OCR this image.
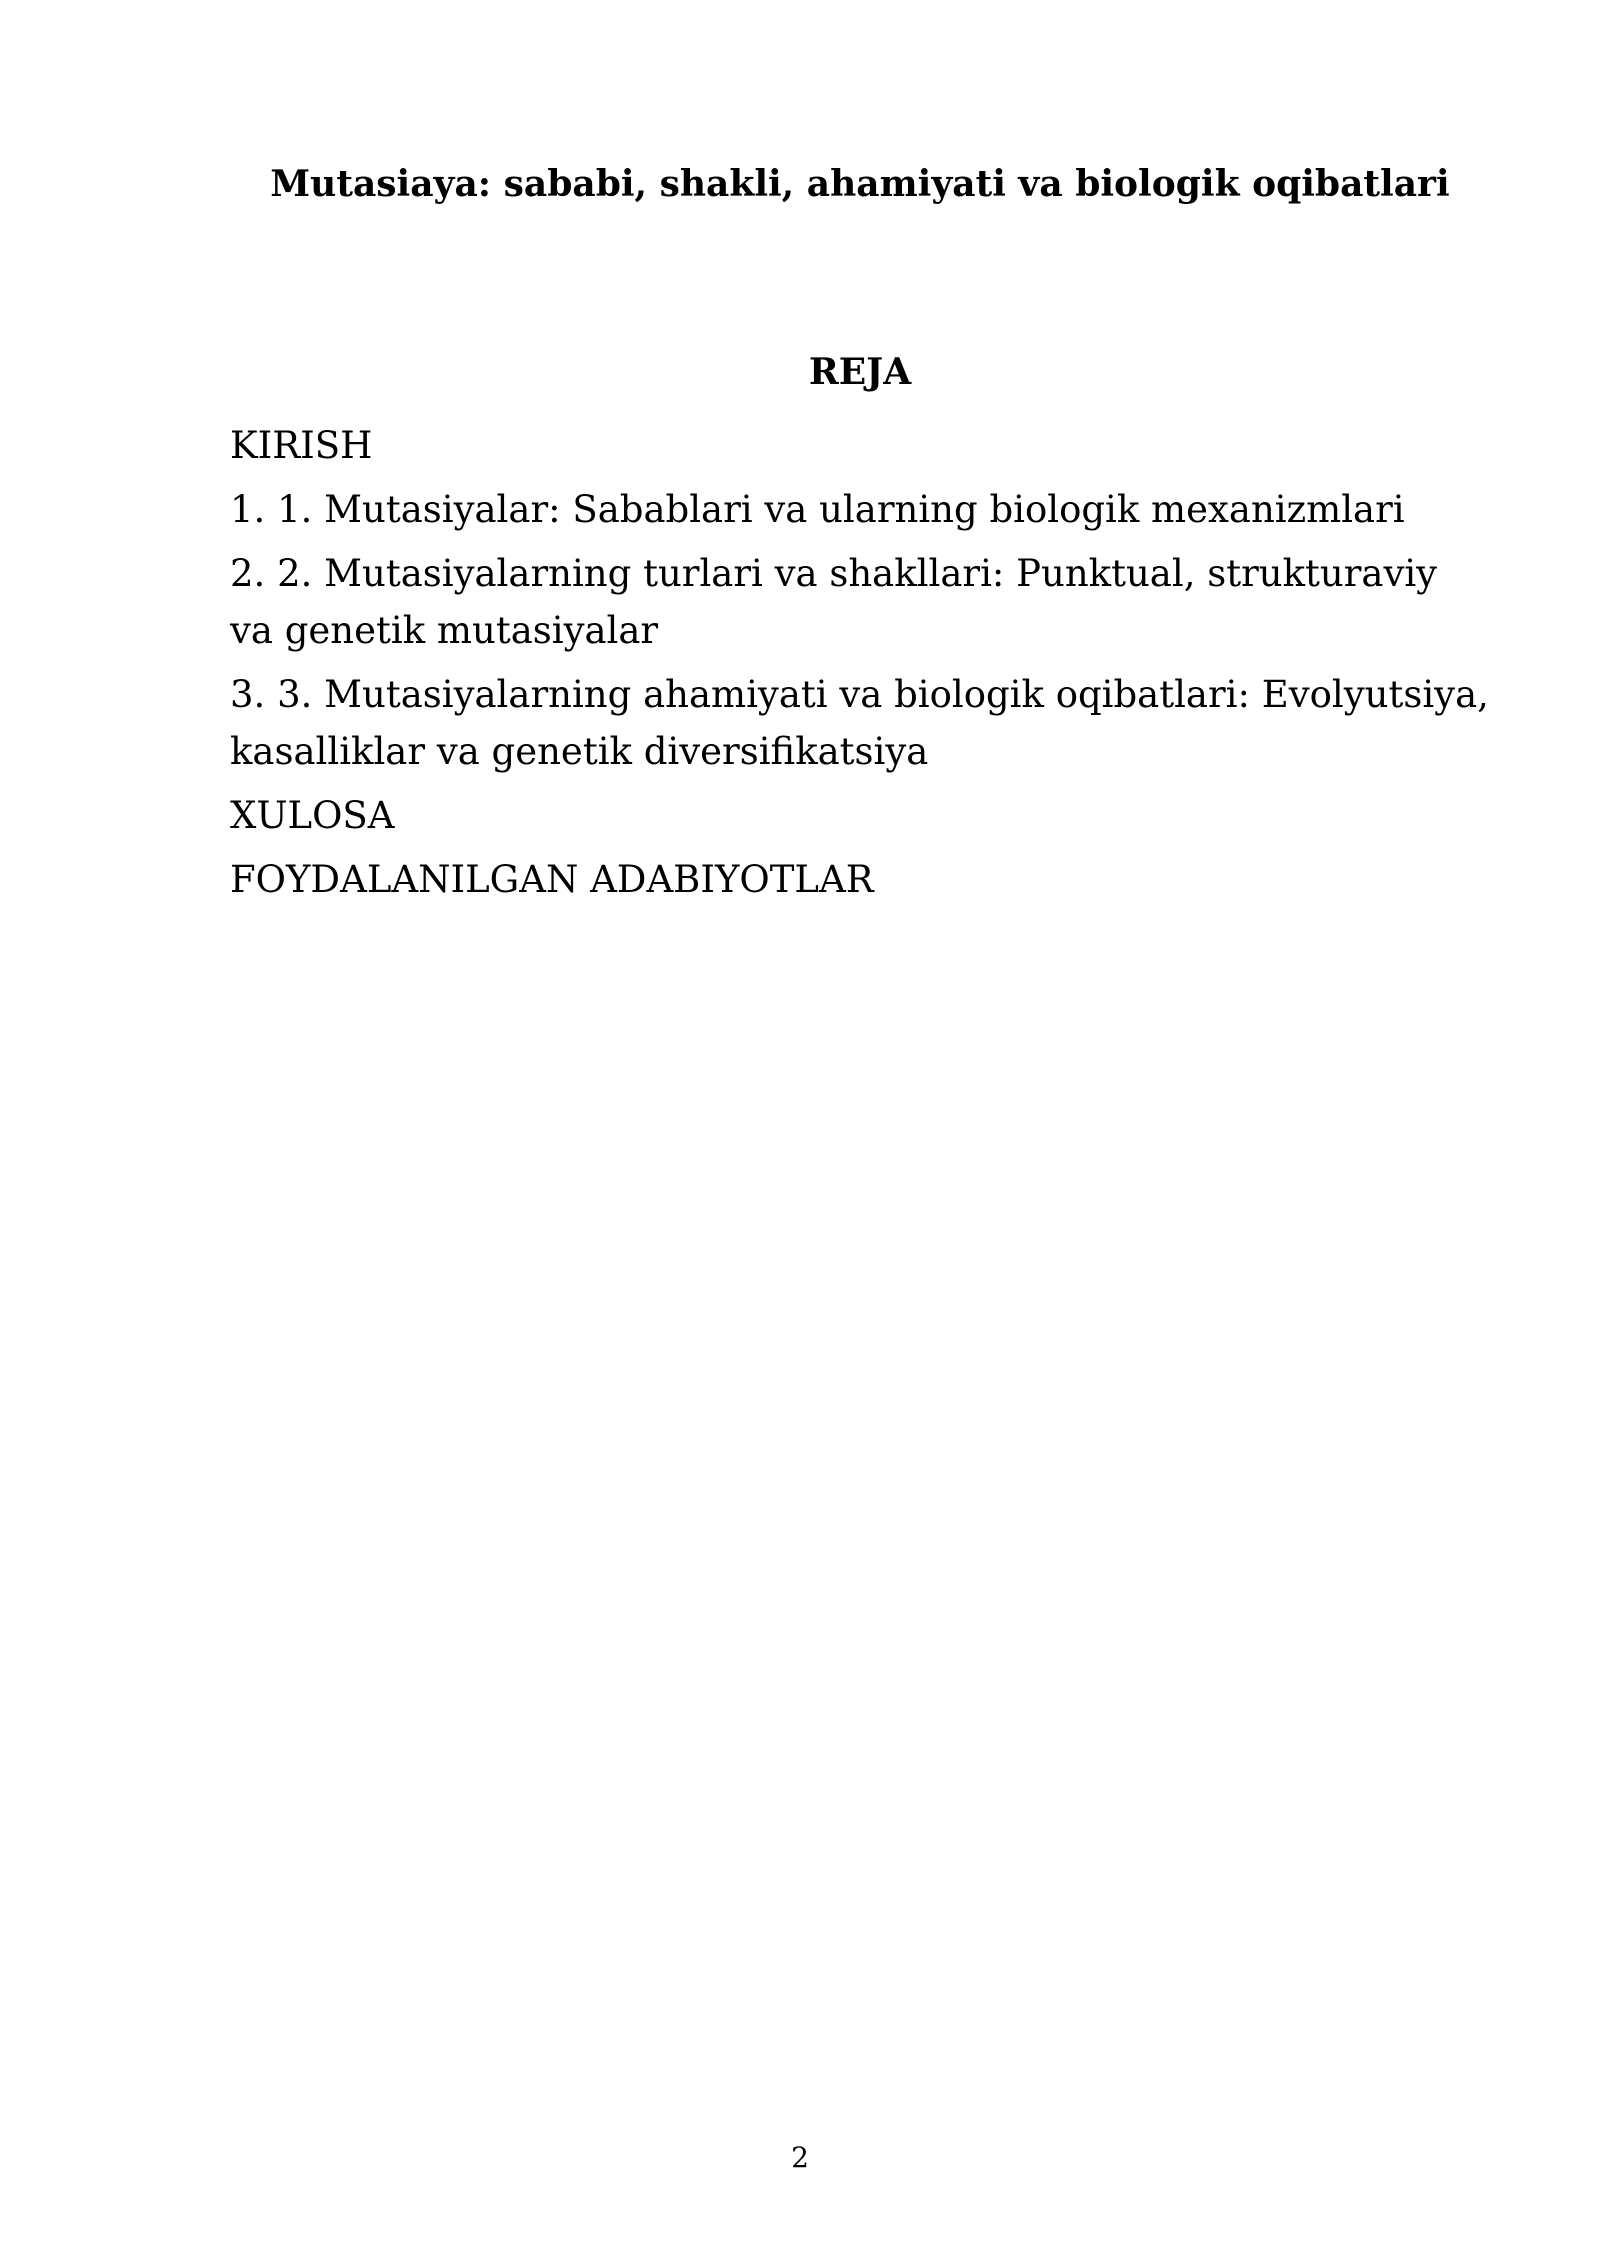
Mutasiaya: sababi, shakli, ahamiyati va biologik oqibatlari
REJA
KIRISH
1. 1. Mutasiyalar: Sabablari va ularning biologik mexanizmlari
2. 2. Mutasiyalarning turlari va shakllari: Punktual, strukturaviy va genetik mutasiyalar
3. 3. Mutasiyalarning ahamiyati va biologik oqibatlari: Evolyutsiya, kasalliklar va genetik diversifikatsiya
XULOSA
FOYDALANILGAN ADABIYOTLAR
2
